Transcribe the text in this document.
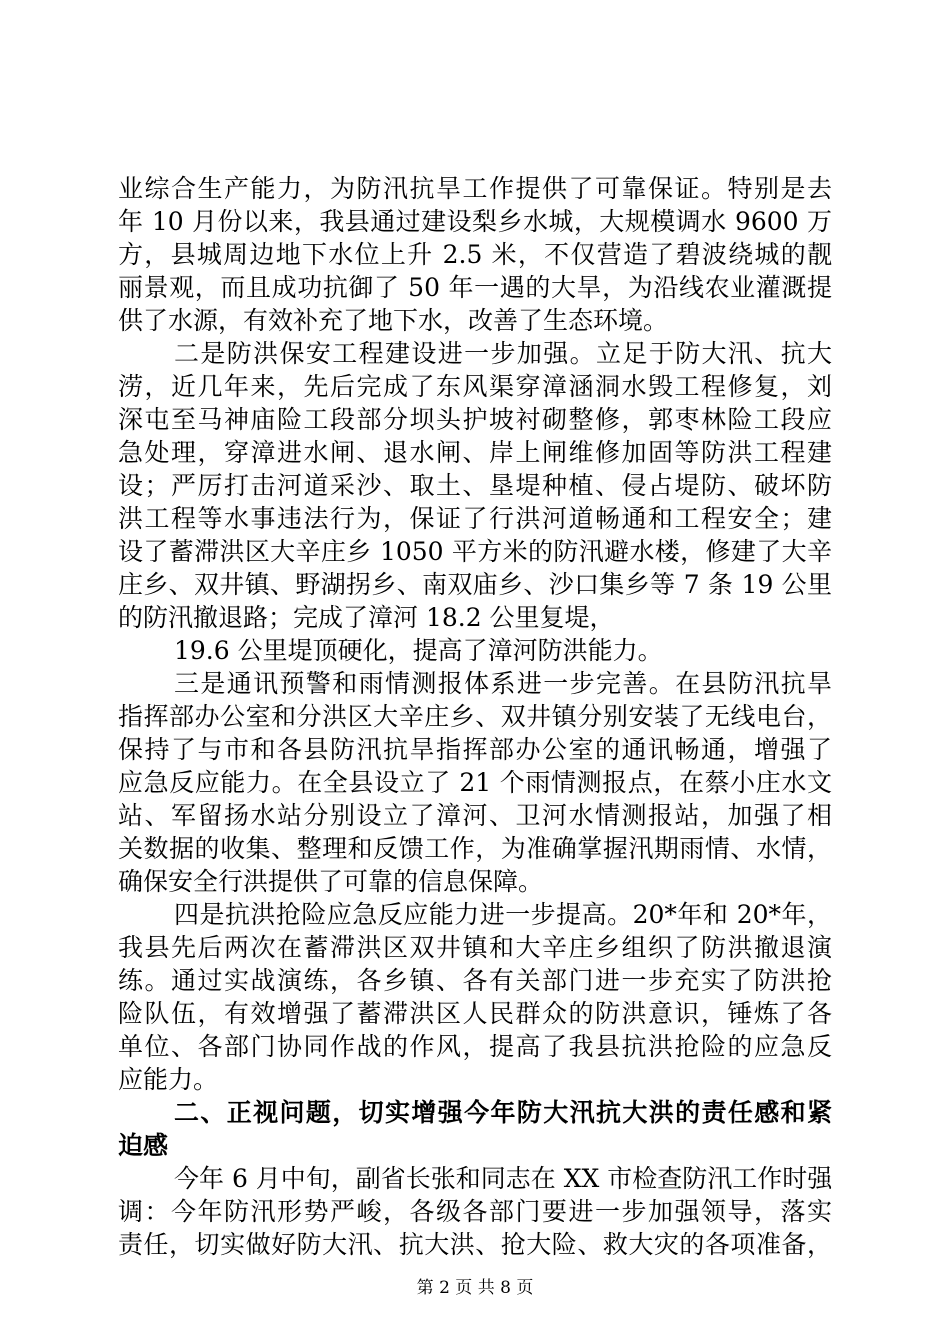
业综合生产能力，为防汛抗旱工作提供了可靠保证。特别是去
年 10 月份以来，我县通过建设梨乡水城，大规模调水 9600 万
方，县城周边地下水位上升 2.5 米，不仅营造了碧波绕城的靓
丽景观，而且成功抗御了 50 年一遇的大旱，为沿线农业灌溉提
供了水源，有效补充了地下水，改善了生态环境。
二是防洪保安工程建设进一步加强。立足于防大汛、抗大
涝，近几年来，先后完成了东风渠穿漳涵洞水毁工程修复，刘
深屯至马神庙险工段部分坝头护坡衬砌整修，郭枣林险工段应
急处理，穿漳进水闸、退水闸、岸上闸维修加固等防洪工程建
设；严厉打击河道采沙、取土、垦堤种植、侵占堤防、破坏防
洪工程等水事违法行为，保证了行洪河道畅通和工程安全；建
设了蓄滞洪区大辛庄乡 1050 平方米的防汛避水楼，修建了大辛
庄乡、双井镇、野湖拐乡、南双庙乡、沙口集乡等 7 条 19 公里
的防汛撤退路；完成了漳河 18.2 公里复堤，
19.6 公里堤顶硬化，提高了漳河防洪能力。
三是通讯预警和雨情测报体系进一步完善。在县防汛抗旱
指挥部办公室和分洪区大辛庄乡、双井镇分别安装了无线电台，
保持了与市和各县防汛抗旱指挥部办公室的通讯畅通，增强了
应急反应能力。在全县设立了 21 个雨情测报点，在蔡小庄水文
站、军留扬水站分别设立了漳河、卫河水情测报站，加强了相
关数据的收集、整理和反馈工作，为准确掌握汛期雨情、水情，
确保安全行洪提供了可靠的信息保障。
四是抗洪抢险应急反应能力进一步提高。20*年和 20*年，
我县先后两次在蓄滞洪区双井镇和大辛庄乡组织了防洪撤退演
练。通过实战演练，各乡镇、各有关部门进一步充实了防洪抢
险队伍，有效增强了蓄滞洪区人民群众的防洪意识，锤炼了各
单位、各部门协同作战的作风，提高了我县抗洪抢险的应急反
应能力。
二、正视问题，切实增强今年防大汛抗大洪的责任感和紧
迫感
今年 6 月中旬，副省长张和同志在 XX 市检查防汛工作时强
调：今年防汛形势严峻，各级各部门要进一步加强领导，落实
责任，切实做好防大汛、抗大洪、抢大险、救大灾的各项准备，
第 2 页 共 8 页
